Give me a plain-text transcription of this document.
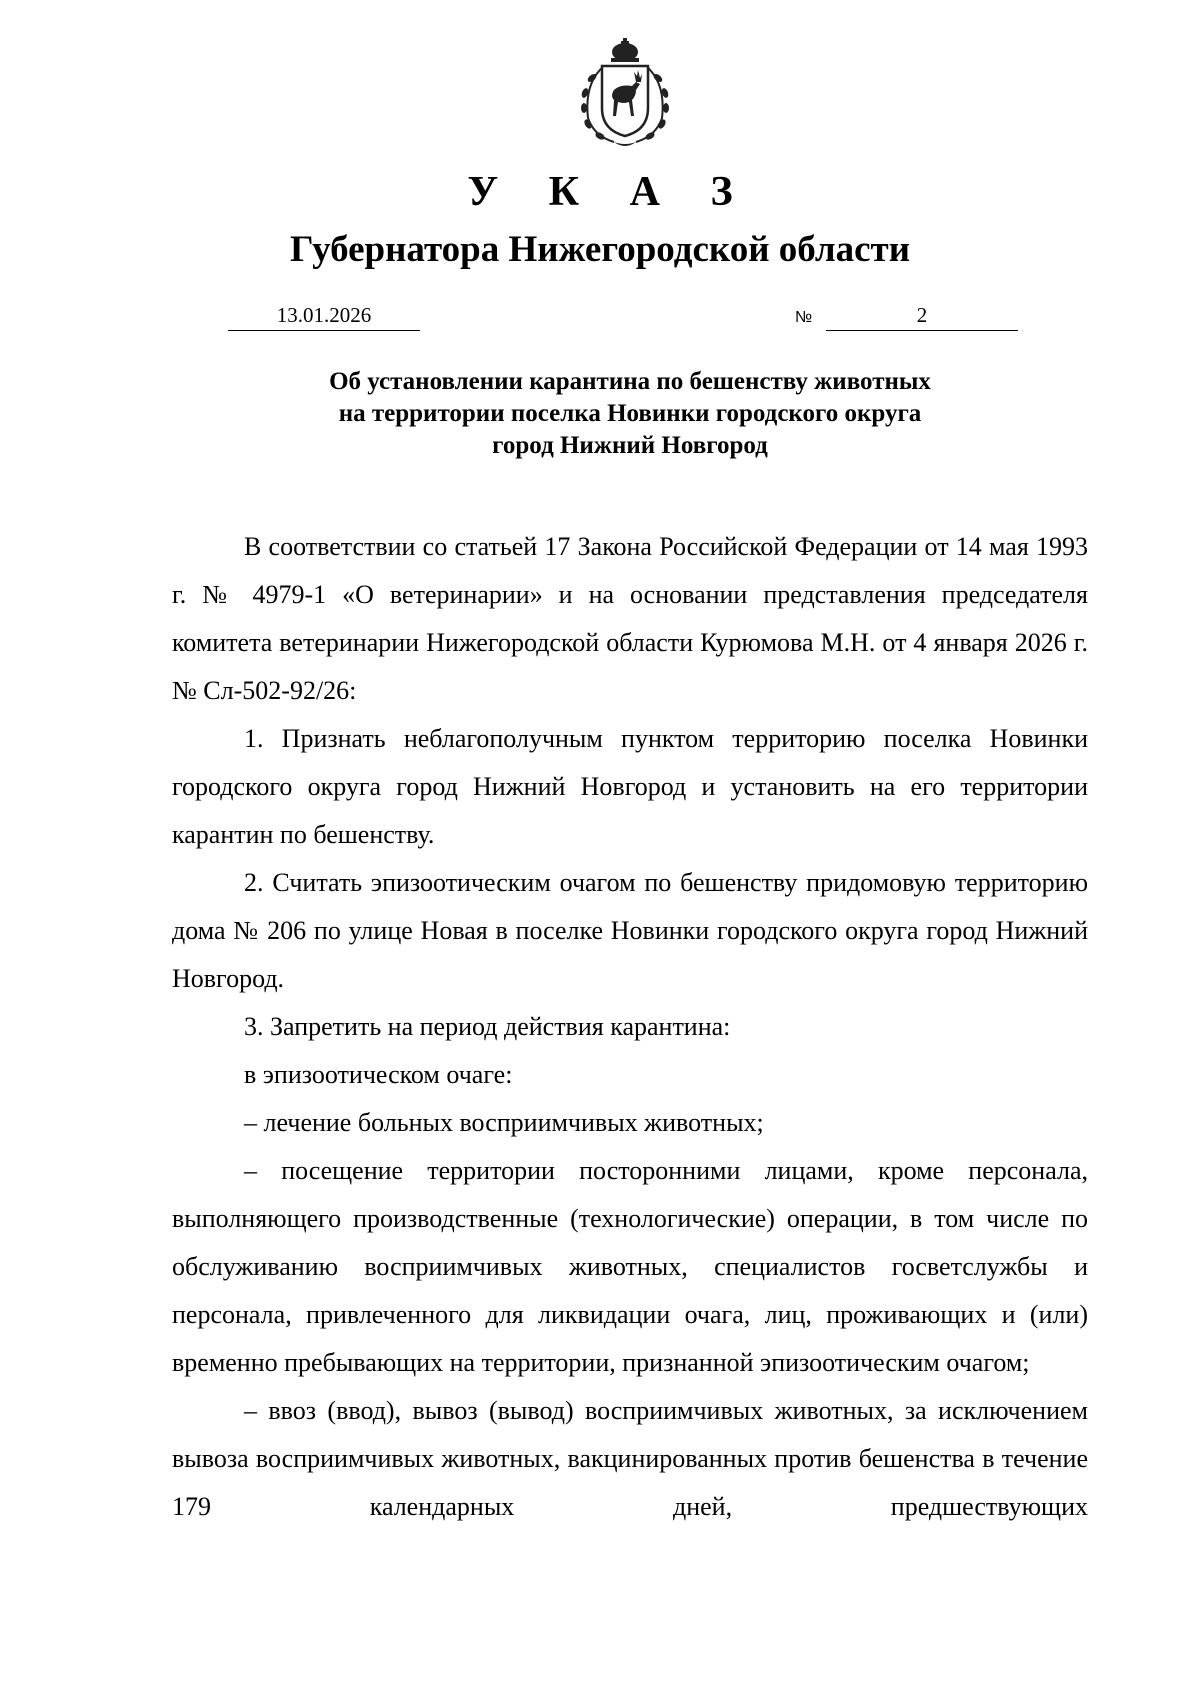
У К А З
Губернатора Нижегородской области
13.01.2026	№	2
Об установлении карантина по бешенству животных
на территории поселка Новинки городского округа
город Нижний Новгород

В соответствии со статьей 17 Закона Российской Федерации от 14 мая 1993 г. № 4979-1 «О ветеринарии» и на основании представления председателя комитета ветеринарии Нижегородской области Курюмова М.Н. от 4 января 2026 г. № Сл-502-92/26:

1. Признать неблагополучным пунктом территорию поселка Новинки городского округа город Нижний Новгород и установить на его территории карантин по бешенству.

2. Считать эпизоотическим очагом по бешенству придомовую территорию дома № 206 по улице Новая в поселке Новинки городского округа город Нижний Новгород.

3. Запретить на период действия карантина:

в эпизоотическом очаге:

– лечение больных восприимчивых животных;

– посещение территории посторонними лицами, кроме персонала, выполняющего производственные (технологические) операции, в том числе по обслуживанию восприимчивых животных, специалистов госветслужбы и персонала, привлеченного для ликвидации очага, лиц, проживающих и (или) временно пребывающих на территории, признанной эпизоотическим очагом;

– ввоз (ввод), вывоз (вывод) восприимчивых животных, за исключением вывоза восприимчивых животных, вакцинированных против бешенства в течение 179 календарных дней, предшествующих
